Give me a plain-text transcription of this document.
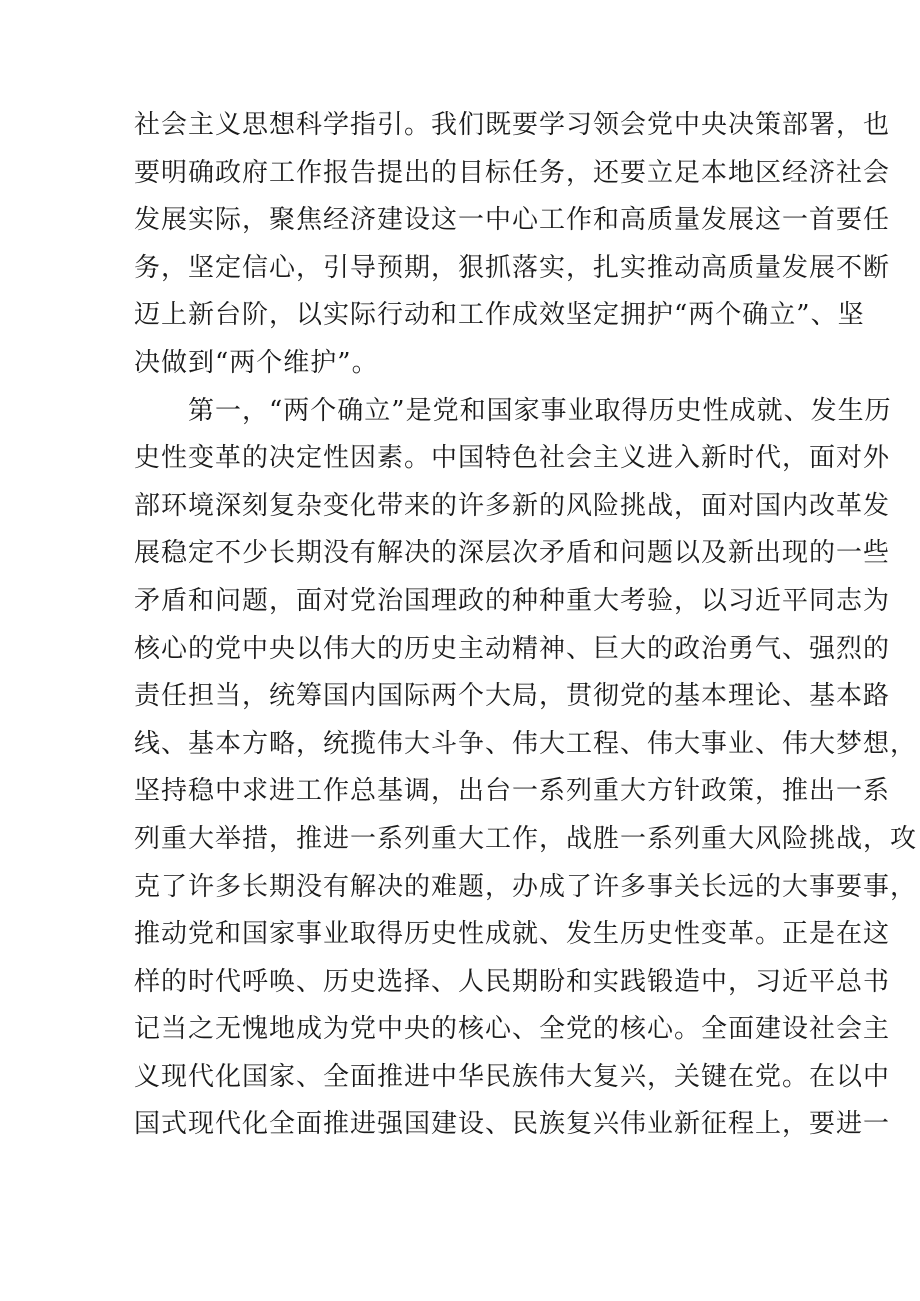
社会主义思想科学指引。我们既要学习领会党中央决策部署，也
要明确政府工作报告提出的目标任务，还要立足本地区经济社会
发展实际，聚焦经济建设这一中心工作和高质量发展这一首要任
务，坚定信心，引导预期，狠抓落实，扎实推动高质量发展不断
迈上新台阶，以实际行动和工作成效坚定拥护“两个确立”、坚
决做到“两个维护”。

　　第一，“两个确立”是党和国家事业取得历史性成就、发生历
史性变革的决定性因素。中国特色社会主义进入新时代，面对外
部环境深刻复杂变化带来的许多新的风险挑战，面对国内改革发
展稳定不少长期没有解决的深层次矛盾和问题以及新出现的一些
矛盾和问题，面对党治国理政的种种重大考验，以习近平同志为
核心的党中央以伟大的历史主动精神、巨大的政治勇气、强烈的
责任担当，统筹国内国际两个大局，贯彻党的基本理论、基本路
线、基本方略，统揽伟大斗争、伟大工程、伟大事业、伟大梦想，
坚持稳中求进工作总基调，出台一系列重大方针政策，推出一系
列重大举措，推进一系列重大工作，战胜一系列重大风险挑战，攻
克了许多长期没有解决的难题，办成了许多事关长远的大事要事，
推动党和国家事业取得历史性成就、发生历史性变革。正是在这
样的时代呼唤、历史选择、人民期盼和实践锻造中，习近平总书
记当之无愧地成为党中央的核心、全党的核心。全面建设社会主
义现代化国家、全面推进中华民族伟大复兴，关键在党。在以中
国式现代化全面推进强国建设、民族复兴伟业新征程上，要进一
